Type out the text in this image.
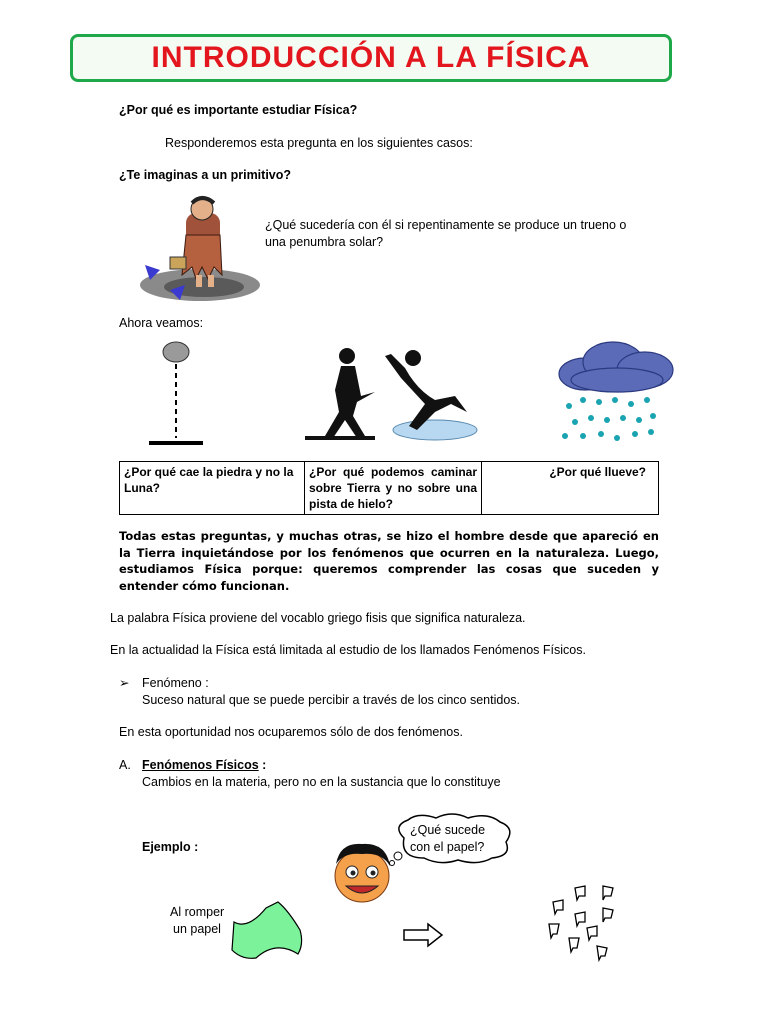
INTRODUCCIÓN A LA FÍSICA
¿Por qué es importante estudiar Física?
Responderemos esta pregunta en los siguientes casos:
¿Te imaginas a un primitivo?
¿Qué sucedería con él si repentinamente se produce un trueno o
una penumbra solar?
Ahora veamos:
¿Por qué cae la piedra y no la Luna?	¿Por qué podemos caminar sobre Tierra y no sobre una pista de hielo?	¿Por qué llueve?
Todas estas preguntas, y muchas otras, se hizo el hombre desde que apareció en la Tierra inquietándose por los fenómenos que ocurren en la naturaleza. Luego, estudiamos Física porque: queremos comprender las cosas que suceden y entender cómo funcionan.
La palabra Física proviene del vocablo griego fisis que significa naturaleza.
En la actualidad la Física está limitada al estudio de los llamados Fenómenos Físicos.
➢ Fenómeno :
Suceso natural que se puede percibir a través de los cinco sentidos.
En esta oportunidad nos ocuparemos sólo de dos fenómenos.
A. Fenómenos Físicos :
Cambios en la materia, pero no en la sustancia que lo constituye
Ejemplo :
¿Qué sucede
con el papel?
Al romper
un papel
